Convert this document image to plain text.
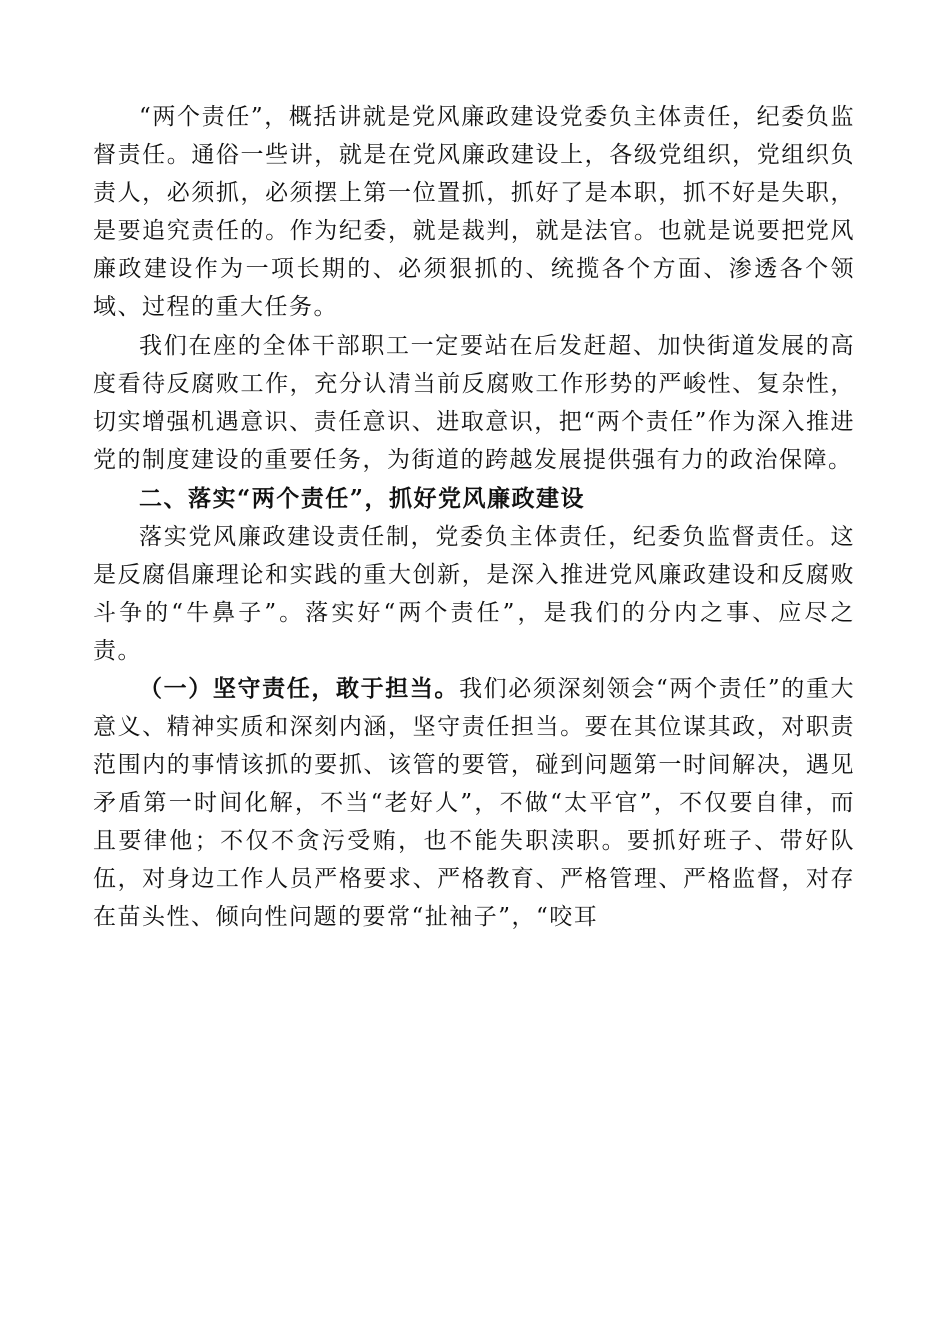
“两个责任”，概括讲就是党风廉政建设党委负主体责任，纪委负监督责任。通俗一些讲，就是在党风廉政建设上，各级党组织，党组织负责人，必须抓，必须摆上第一位置抓，抓好了是本职，抓不好是失职，是要追究责任的。作为纪委，就是裁判，就是法官。也就是说要把党风廉政建设作为一项长期的、必须狠抓的、统揽各个方面、渗透各个领域、过程的重大任务。

我们在座的全体干部职工一定要站在后发赶超、加快街道发展的高度看待反腐败工作，充分认清当前反腐败工作形势的严峻性、复杂性，切实增强机遇意识、责任意识、进取意识，把“两个责任”作为深入推进党的制度建设的重要任务，为街道的跨越发展提供强有力的政治保障。

二、落实“两个责任”，抓好党风廉政建设

落实党风廉政建设责任制，党委负主体责任，纪委负监督责任。这是反腐倡廉理论和实践的重大创新，是深入推进党风廉政建设和反腐败斗争的“牛鼻子”。落实好“两个责任”，是我们的分内之事、应尽之责。

（一）坚守责任，敢于担当。我们必须深刻领会“两个责任”的重大意义、精神实质和深刻内涵，坚守责任担当。要在其位谋其政，对职责范围内的事情该抓的要抓、该管的要管，碰到问题第一时间解决，遇见矛盾第一时间化解，不当“老好人”，不做“太平官”，不仅要自律，而且要律他；不仅不贪污受贿，也不能失职渎职。要抓好班子、带好队伍，对身边工作人员严格要求、严格教育、严格管理、严格监督，对存在苗头性、倾向性问题的要常“扯袖子”，“咬耳
